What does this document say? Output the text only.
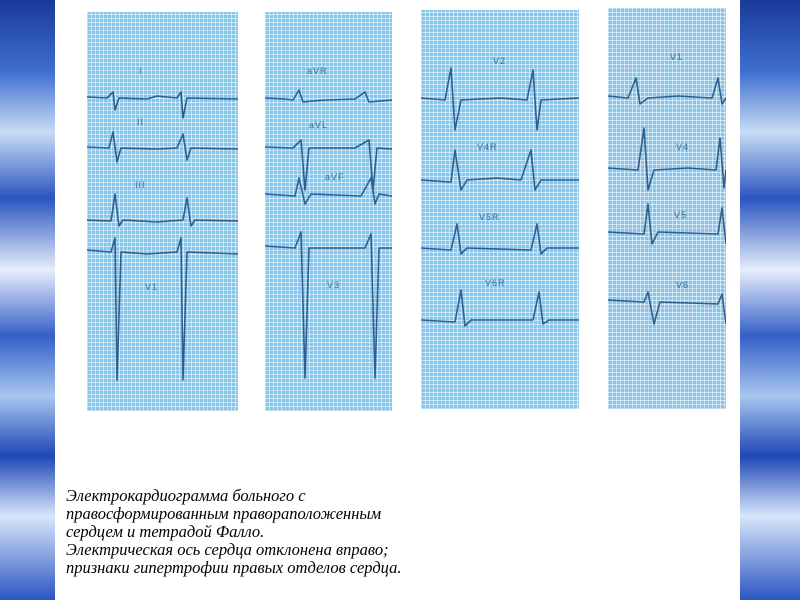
I
II
III
V1
aVR
aVL
aVF
V3
V2
V4R
V5R
V6R
V1
V4
V5
V6
Электрокардиограмма больного с
правосформированным правораположенным
сердцем и тетрадой Фалло.
Электрическая ось сердца отклонена вправо;
признаки гипертрофии правых отделов сердца.
